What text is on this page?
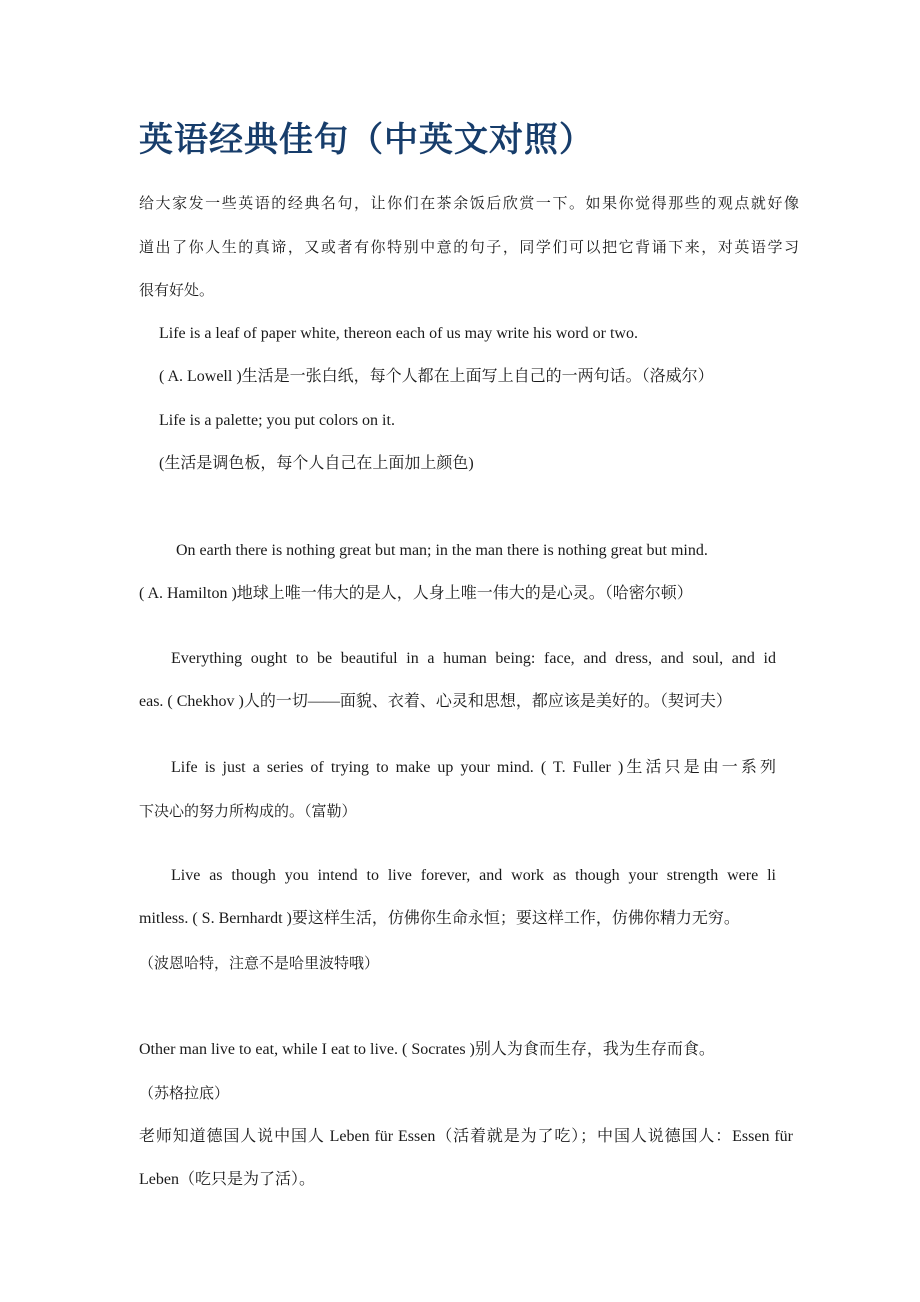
英语经典佳句（中英文对照）

给大家发一些英语的经典名句，让你们在茶余饭后欣赏一下。如果你觉得那些的观点就好像

道出了你人生的真谛，又或者有你特别中意的句子，同学们可以把它背诵下来，对英语学习

很有好处。

Life is a leaf of paper white, thereon each of us may write his word or two.

( A. Lowell )生活是一张白纸，每个人都在上面写上自己的一两句话。（洛威尔）

Life is a palette; you put colors on it.

(生活是调色板，每个人自己在上面加上颜色)

On earth there is nothing great but man; in the man there is nothing great but mind.

( A. Hamilton )地球上唯一伟大的是人，人身上唯一伟大的是心灵。（哈密尔顿）

Everything ought to be beautiful in a human being: face, and dress, and soul, and id

eas. ( Chekhov )人的一切——面貌、衣着、心灵和思想，都应该是美好的。（契诃夫）

Life is just a series of trying to make up your mind. ( T. Fuller )生活只是由一系列

下决心的努力所构成的。（富勒）

Live as though you intend to live forever, and work as though your strength were li

mitless. ( S. Bernhardt )要这样生活，仿佛你生命永恒；要这样工作，仿佛你精力无穷。

（波恩哈特，注意不是哈里波特哦）

Other man live to eat, while I eat to live. ( Socrates )别人为食而生存，我为生存而食。

（苏格拉底）

老师知道德国人说中国人 Leben für Essen（活着就是为了吃）；中国人说德国人：Essen für

Leben（吃只是为了活）。
